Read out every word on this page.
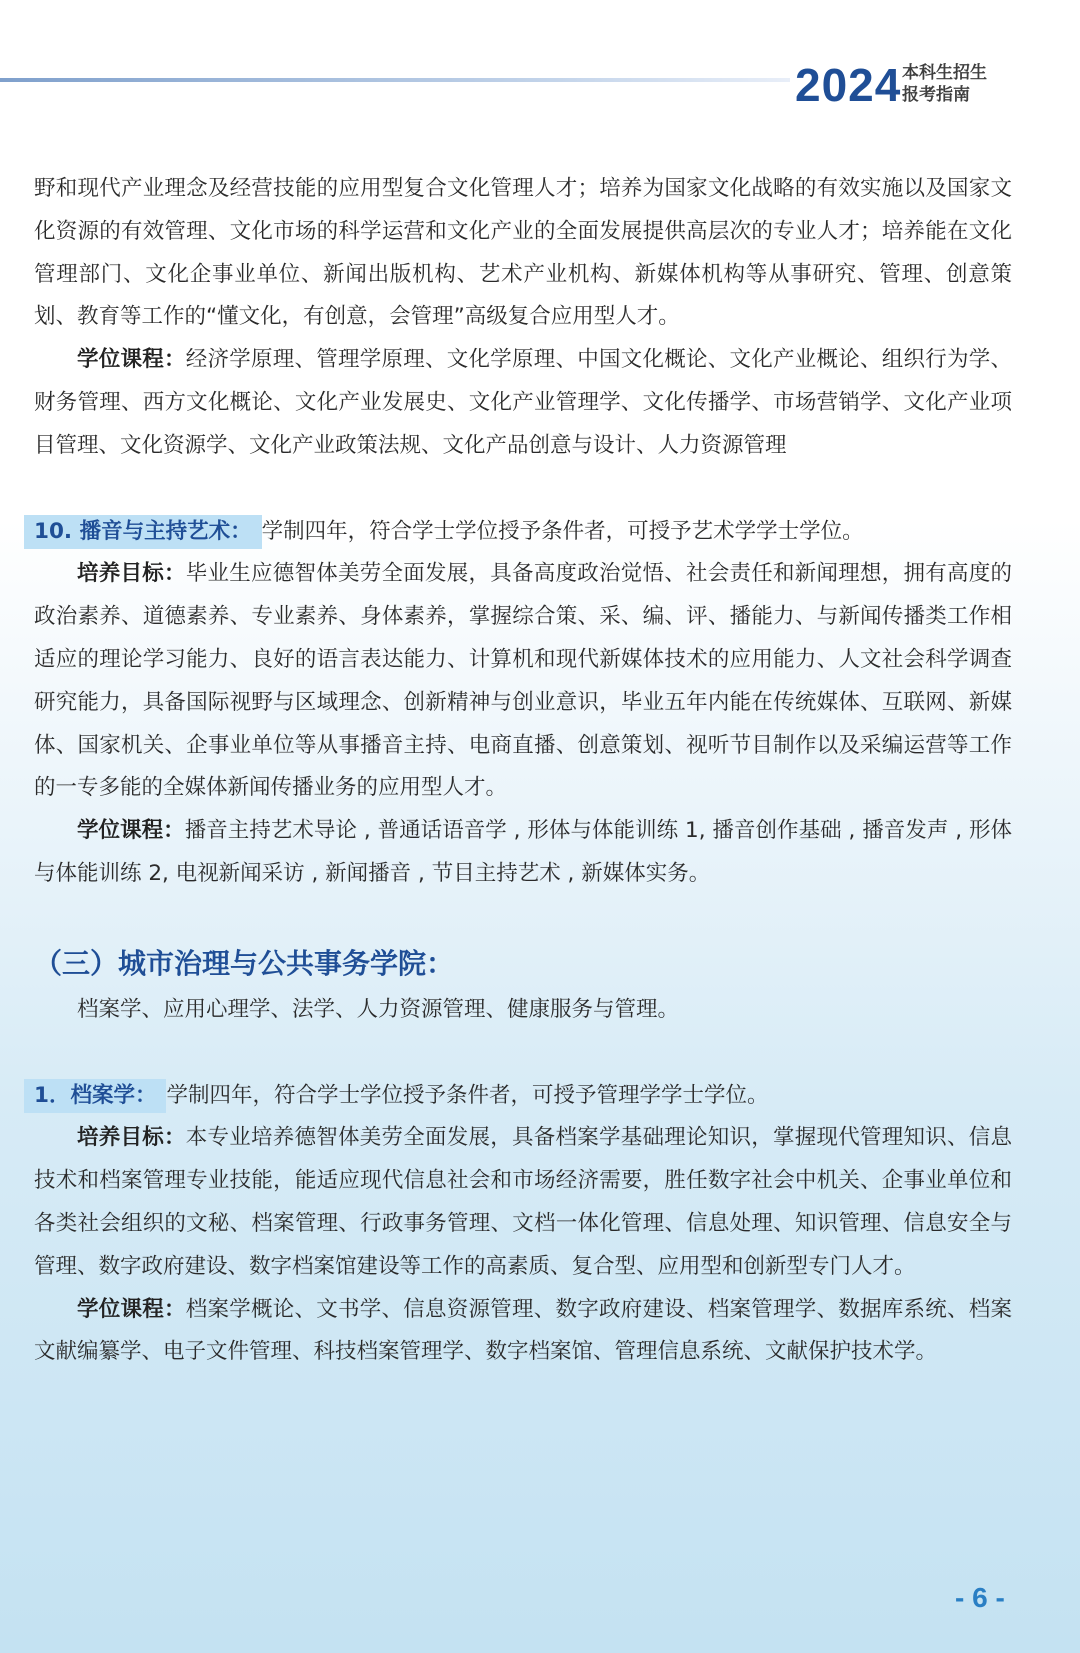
2024 本科生招生
报考指南

野和现代产业理念及经营技能的应用型复合文化管理人才；培养为国家文化战略的有效实施以及国家文化资源的有效管理、文化市场的科学运营和文化产业的全面发展提供高层次的专业人才；培养能在文化管理部门、文化企事业单位、新闻出版机构、艺术产业机构、新媒体机构等从事研究、管理、创意策划、教育等工作的“懂文化，有创意，会管理”高级复合应用型人才。

学位课程：经济学原理、管理学原理、文化学原理、中国文化概论、文化产业概论、组织行为学、财务管理、西方文化概论、文化产业发展史、文化产业管理学、文化传播学、市场营销学、文化产业项目管理、文化资源学、文化产业政策法规、文化产品创意与设计、人力资源管理

10. 播音与主持艺术： 学制四年，符合学士学位授予条件者，可授予艺术学学士学位。

培养目标：毕业生应德智体美劳全面发展，具备高度政治觉悟、社会责任和新闻理想，拥有高度的政治素养、道德素养、专业素养、身体素养，掌握综合策、采、编、评、播能力、与新闻传播类工作相适应的理论学习能力、良好的语言表达能力、计算机和现代新媒体技术的应用能力、人文社会科学调查研究能力，具备国际视野与区域理念、创新精神与创业意识，毕业五年内能在传统媒体、互联网、新媒体、国家机关、企事业单位等从事播音主持、电商直播、创意策划、视听节目制作以及采编运营等工作的一专多能的全媒体新闻传播业务的应用型人才。

学位课程：播音主持艺术导论 , 普通话语音学 , 形体与体能训练 1, 播音创作基础 , 播音发声 , 形体与体能训练 2, 电视新闻采访 , 新闻播音 , 节目主持艺术 , 新媒体实务。

（三）城市治理与公共事务学院：

档案学、应用心理学、法学、人力资源管理、健康服务与管理。

1．档案学： 学制四年，符合学士学位授予条件者，可授予管理学学士学位。

培养目标：本专业培养德智体美劳全面发展，具备档案学基础理论知识，掌握现代管理知识、信息技术和档案管理专业技能，能适应现代信息社会和市场经济需要，胜任数字社会中机关、企事业单位和各类社会组织的文秘、档案管理、行政事务管理、文档一体化管理、信息处理、知识管理、信息安全与管理、数字政府建设、数字档案馆建设等工作的高素质、复合型、应用型和创新型专门人才。

学位课程：档案学概论、文书学、信息资源管理、数字政府建设、档案管理学、数据库系统、档案文献编纂学、电子文件管理、科技档案管理学、数字档案馆、管理信息系统、文献保护技术学。

- 6 -
